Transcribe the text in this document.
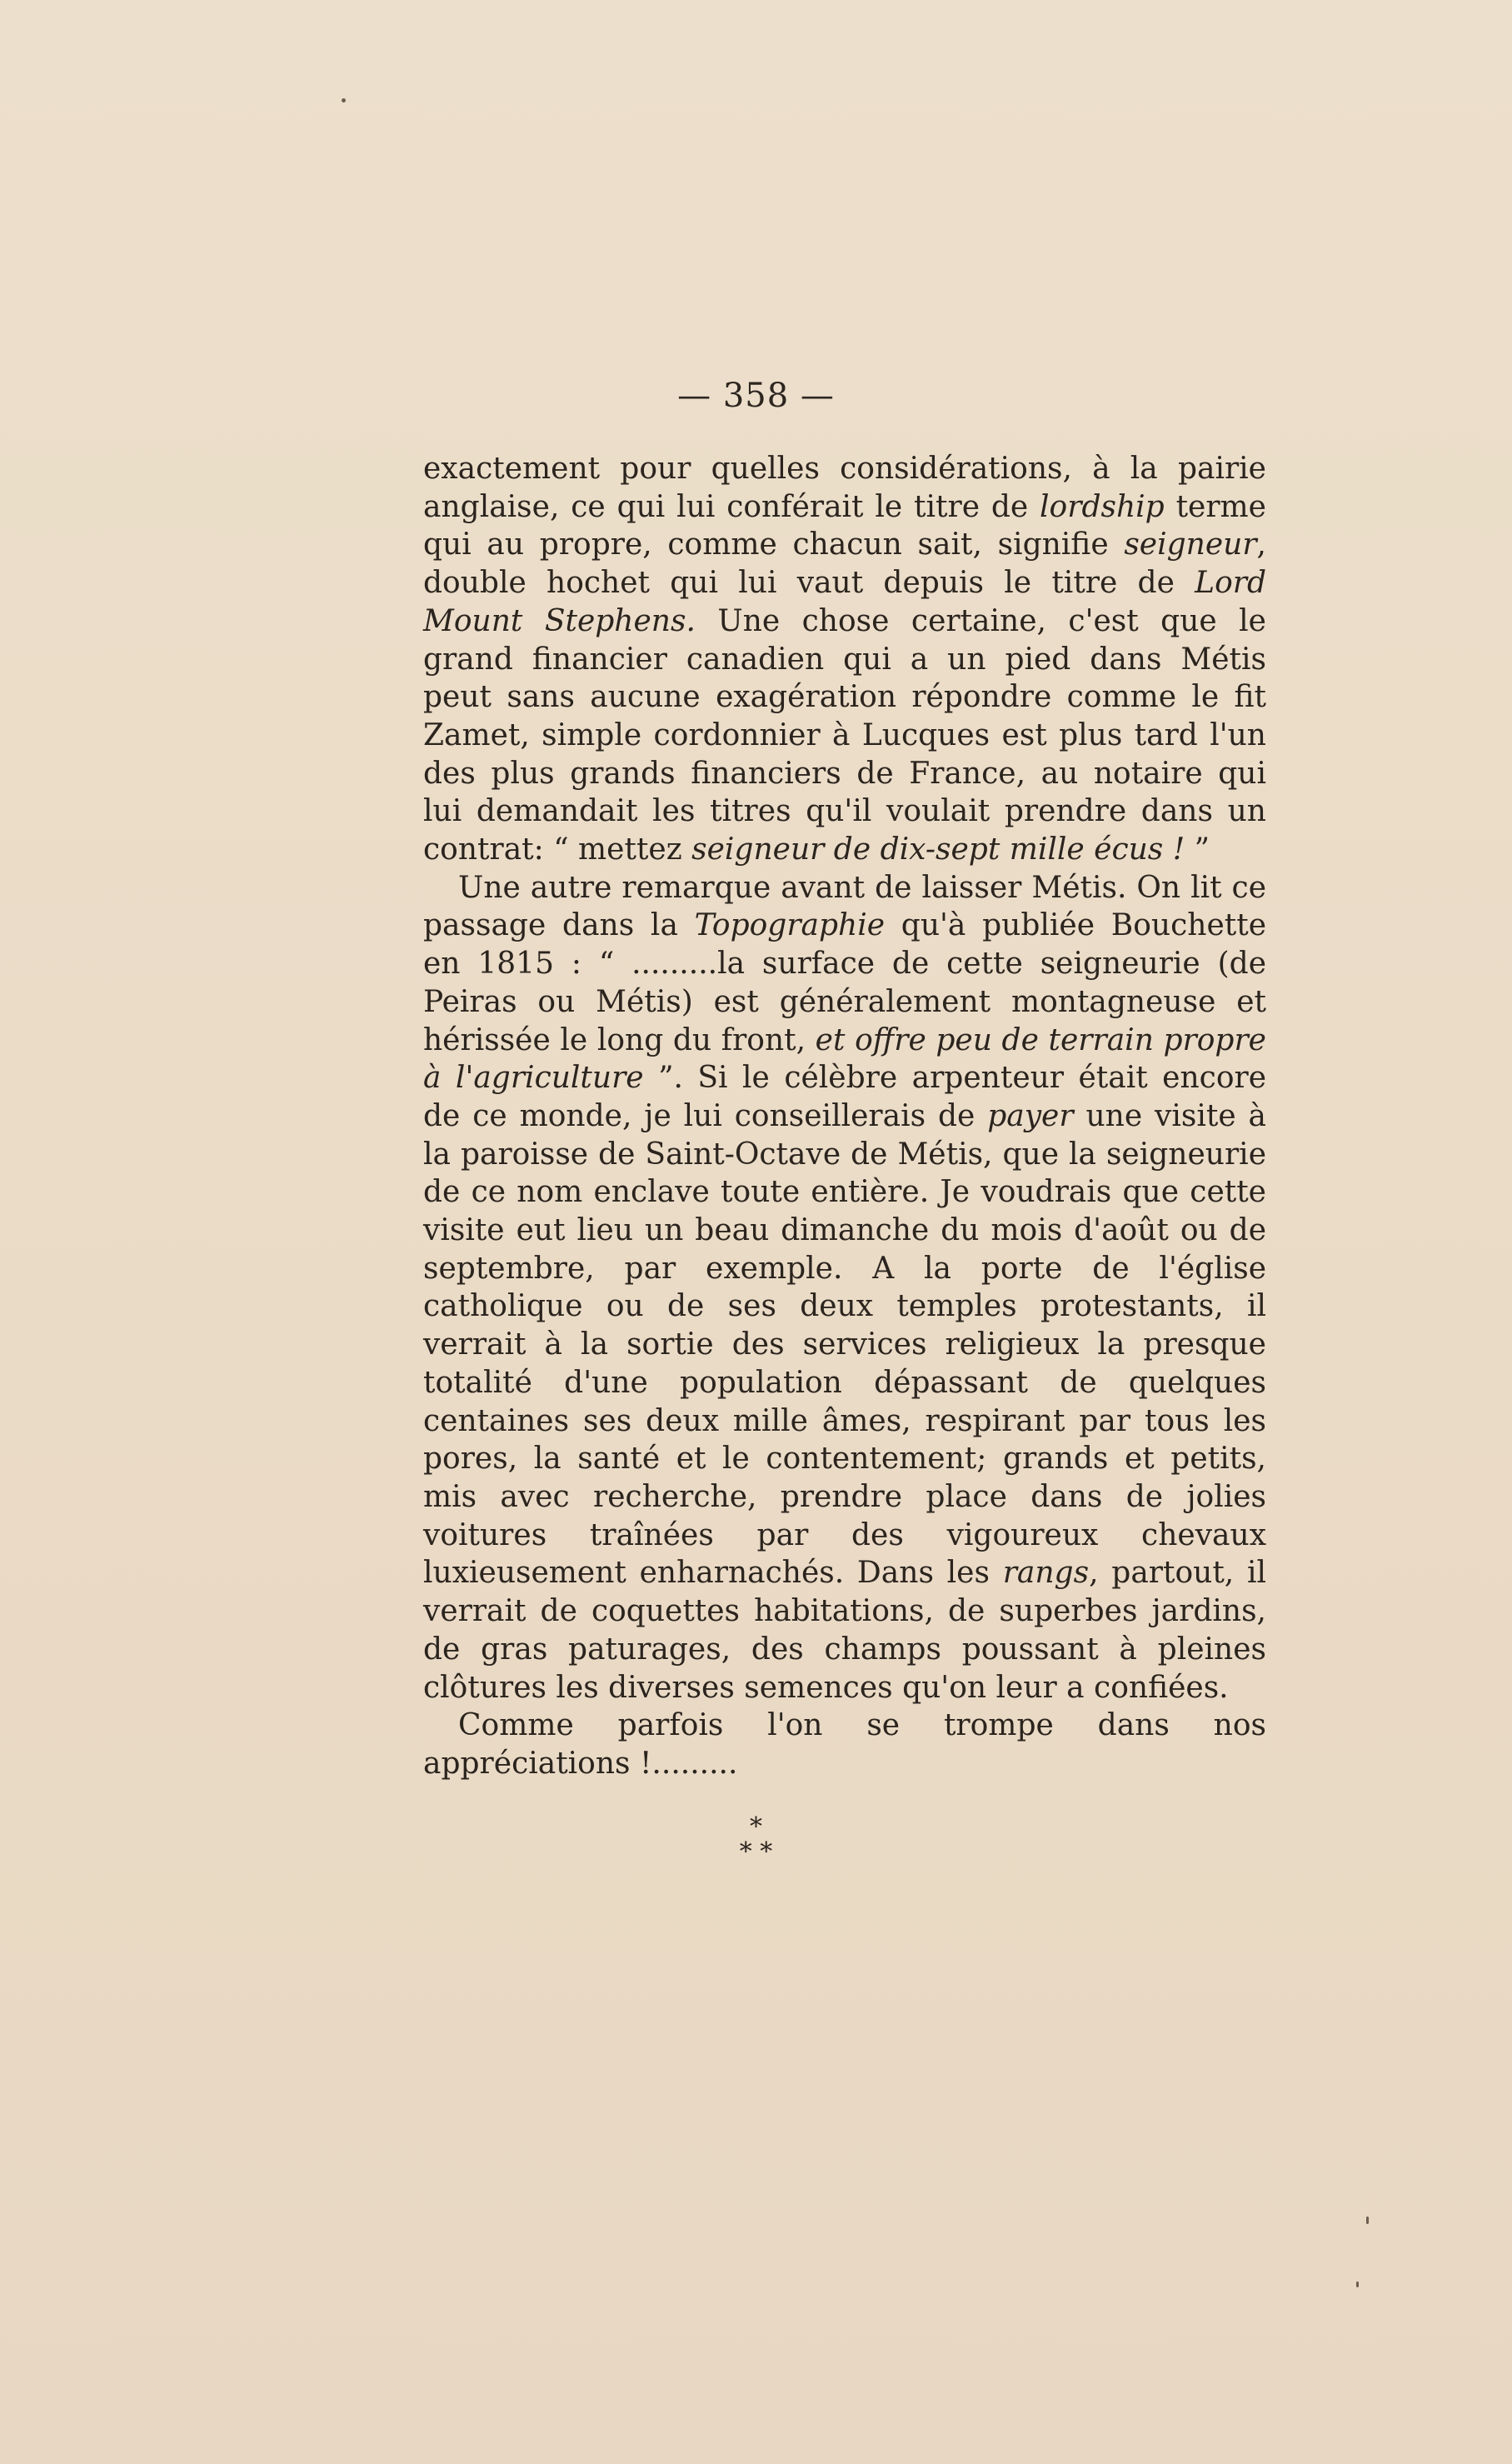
— 358 —

exactement pour quelles considérations, à la pairie anglaise, ce qui lui conférait le titre de lordship terme qui au propre, comme chacun sait, signifie seigneur, double hochet qui lui vaut depuis le titre de Lord Mount Stephens. Une chose certaine, c'est que le grand financier canadien qui a un pied dans Métis peut sans aucune exagération répondre comme le fit Zamet, simple cordonnier à Lucques est plus tard l'un des plus grands financiers de France, au notaire qui lui demandait les titres qu'il voulait prendre dans un contrat: “ mettez seigneur de dix-sept mille écus ! ”

Une autre remarque avant de laisser Métis. On lit ce passage dans la Topographie qu'à publiée Bouchette en 1815 : “ .........la surface de cette seigneurie (de Peiras ou Métis) est généralement montagneuse et hérissée le long du front, et offre peu de terrain propre à l'agriculture ”. Si le célèbre arpenteur était encore de ce monde, je lui conseillerais de payer une visite à la paroisse de Saint-Octave de Métis, que la seigneurie de ce nom enclave toute entière. Je voudrais que cette visite eut lieu un beau dimanche du mois d'août ou de septembre, par exemple. A la porte de l'église catholique ou de ses deux temples protestants, il verrait à la sortie des services religieux la presque totalité d'une population dépassant de quelques centaines ses deux mille âmes, respirant par tous les pores, la santé et le contentement; grands et petits, mis avec recherche, prendre place dans de jolies voitures traînées par des vigoureux chevaux luxieusement enharnachés. Dans les rangs, partout, il verrait de coquettes habitations, de superbes jardins, de gras paturages, des champs poussant à pleines clôtures les diverses semences qu'on leur a confiées.

Comme parfois l'on se trompe dans nos appréciations !.........

*
* *
